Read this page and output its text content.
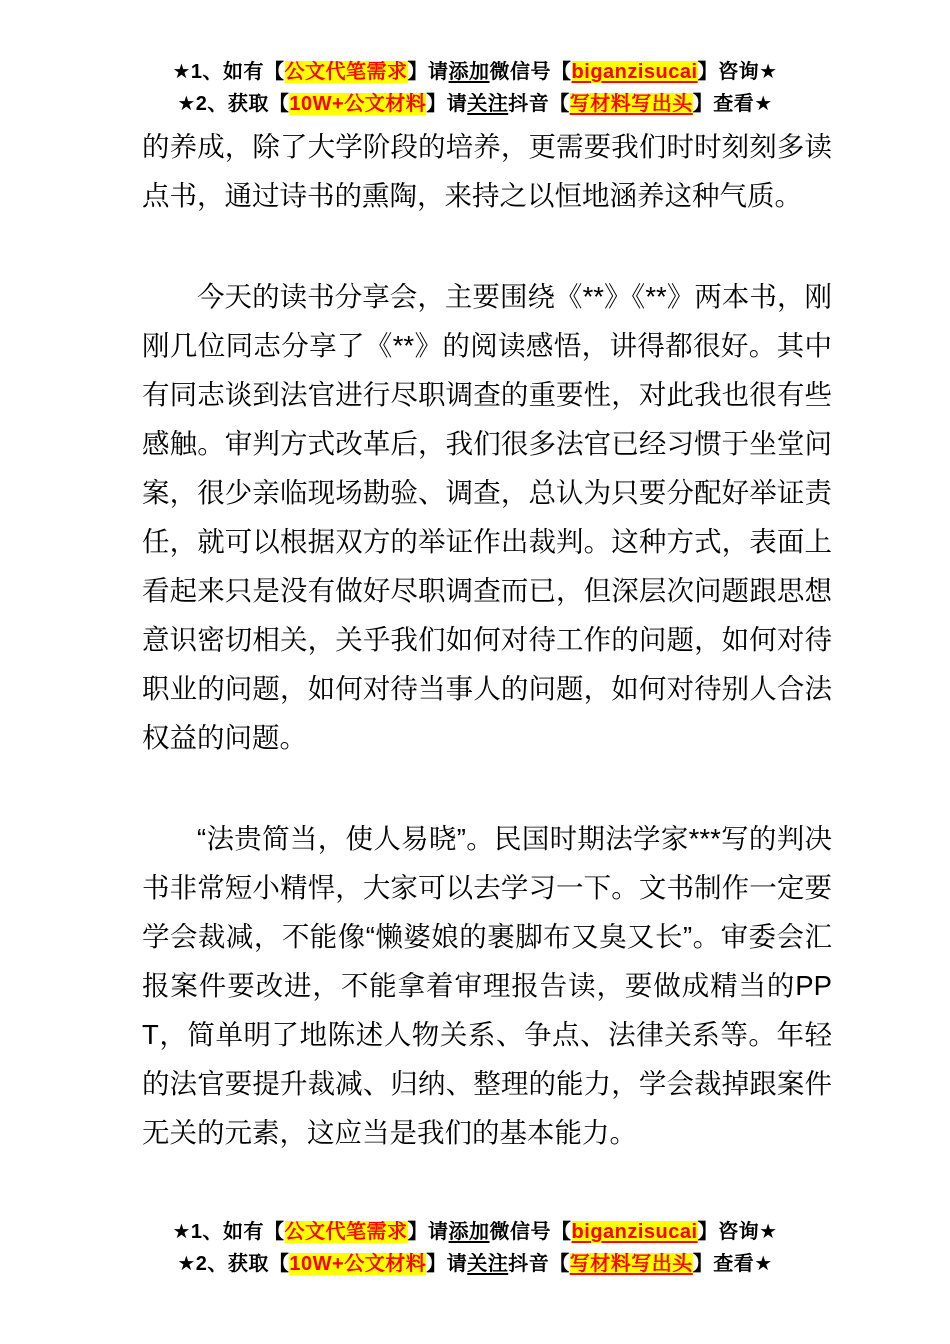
★1、如有【公文代笔需求】请添加微信号【biganzisucai】咨询★
★2、获取【10W+公文材料】请关注抖音【写材料写出头】查看★

的养成，除了大学阶段的培养，更需要我们时时刻刻多读点书，通过诗书的熏陶，来持之以恒地涵养这种气质。

今天的读书分享会，主要围绕《**》《**》两本书，刚刚几位同志分享了《**》的阅读感悟，讲得都很好。其中有同志谈到法官进行尽职调查的重要性，对此我也很有些感触。审判方式改革后，我们很多法官已经习惯于坐堂问案，很少亲临现场勘验、调查，总认为只要分配好举证责任，就可以根据双方的举证作出裁判。这种方式，表面上看起来只是没有做好尽职调查而已，但深层次问题跟思想意识密切相关，关乎我们如何对待工作的问题，如何对待职业的问题，如何对待当事人的问题，如何对待别人合法权益的问题。

“法贵简当，使人易晓”。民国时期法学家***写的判决书非常短小精悍，大家可以去学习一下。文书制作一定要学会裁减，不能像“懒婆娘的裹脚布又臭又长”。审委会汇报案件要改进，不能拿着审理报告读，要做成精当的PPT，简单明了地陈述人物关系、争点、法律关系等。年轻的法官要提升裁减、归纳、整理的能力，学会裁掉跟案件无关的元素，这应当是我们的基本能力。

★1、如有【公文代笔需求】请添加微信号【biganzisucai】咨询★
★2、获取【10W+公文材料】请关注抖音【写材料写出头】查看★
